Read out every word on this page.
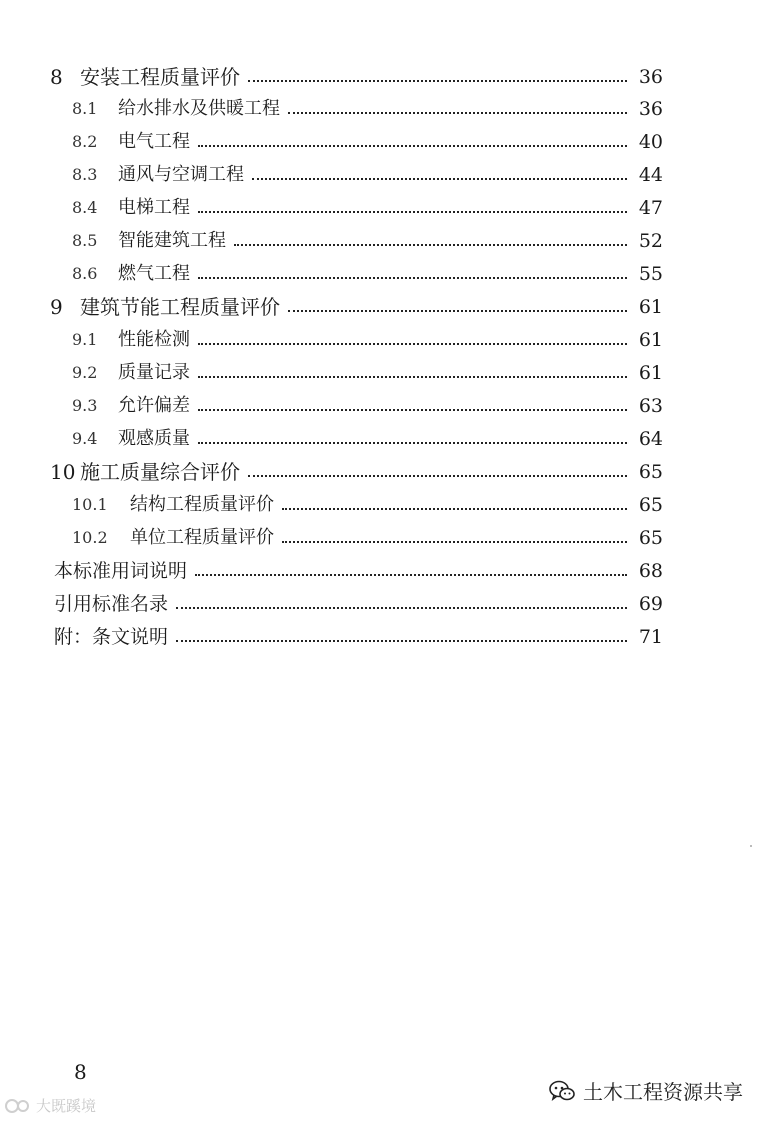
8 安装工程质量评价	36
8.1	给水排水及供暖工程	36
8.2	电气工程	40
8.3	通风与空调工程	44
8.4	电梯工程	47
8.5	智能建筑工程	52
8.6	燃气工程	55
9 建筑节能工程质量评价	61
9.1	性能检测	61
9.2	质量记录	61
9.3	允许偏差	63
9.4	观感质量	64
10 施工质量综合评价	65
10.1	结构工程质量评价	65
10.2	单位工程质量评价	65
本标准用词说明	68
引用标准名录	69
附：条文说明	71
8
大既蹊境
土木工程资源共享
